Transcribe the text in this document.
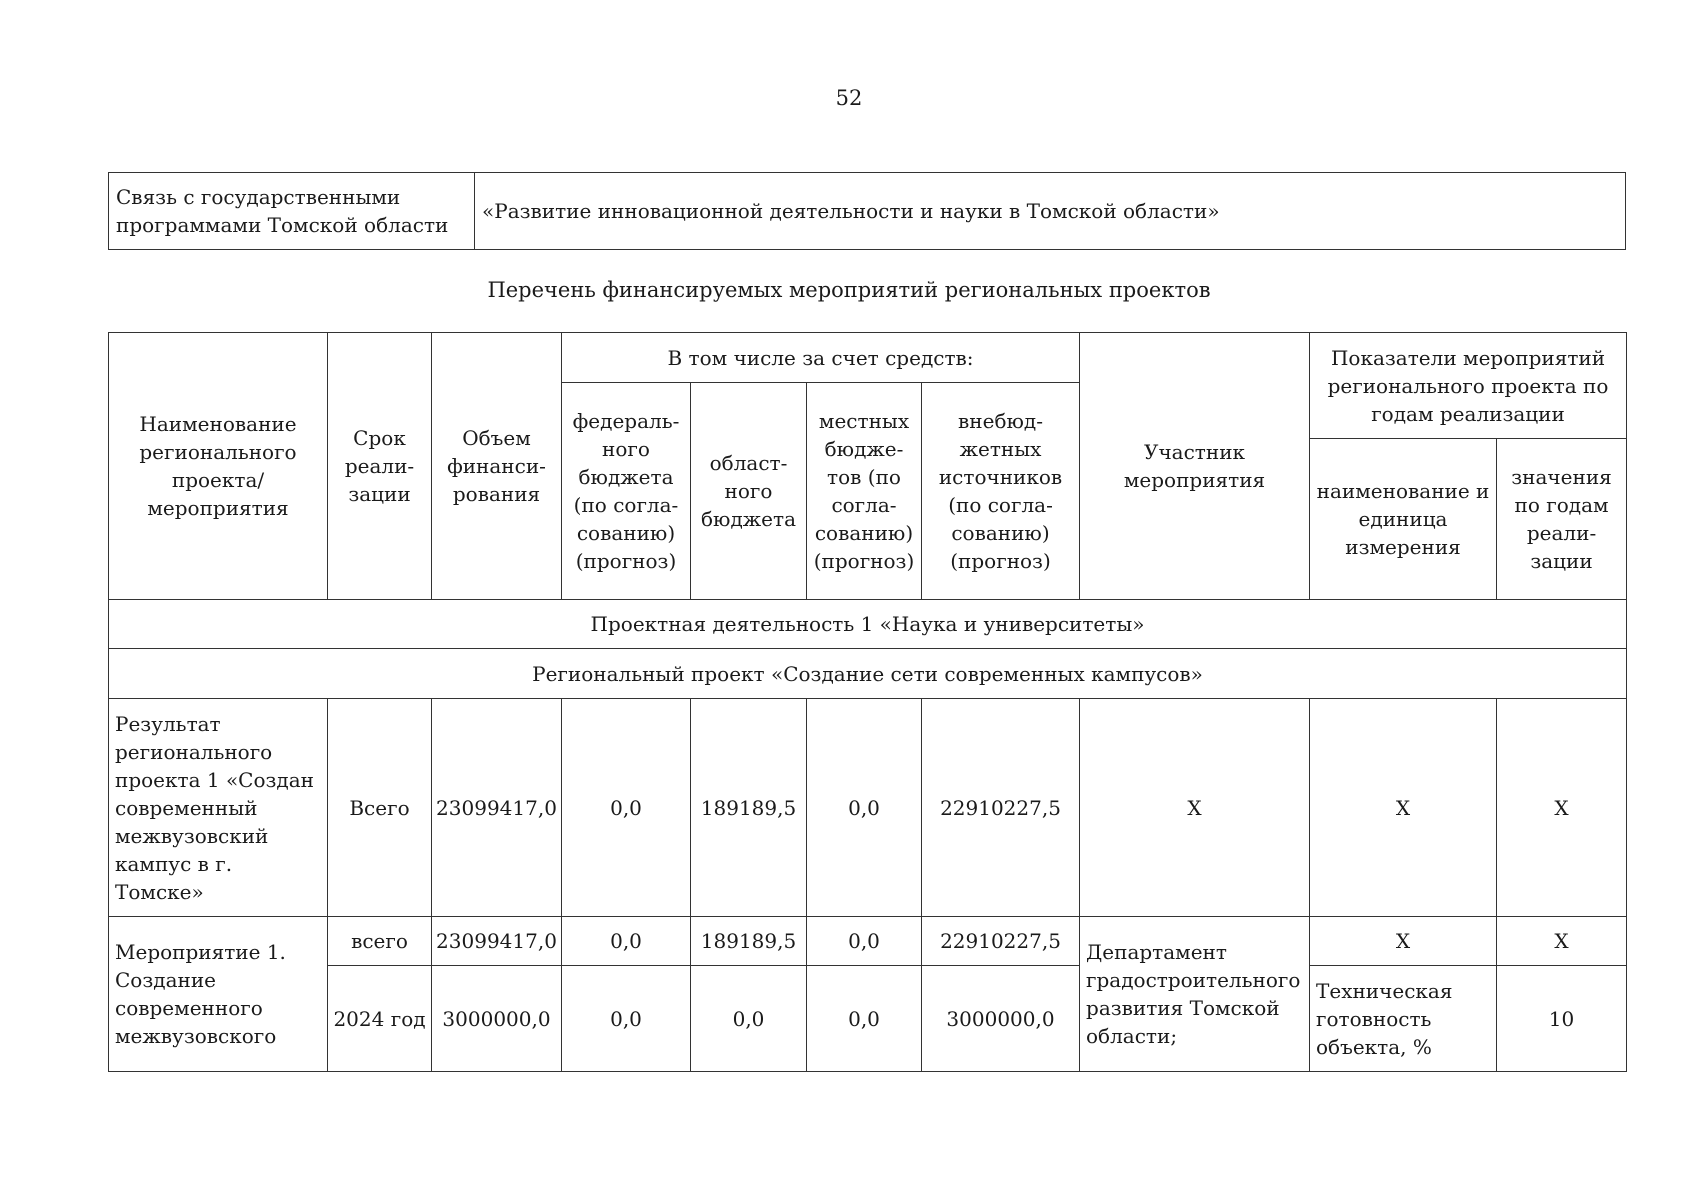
52
Связь с государственными программами Томской области	«Развитие инновационной деятельности и науки в Томской области»
Перечень финансируемых мероприятий региональных проектов
Наименование регионального проекта/ мероприятия	Срок реали-зации	Объем финанси-рования	В том числе за счет средств:				Участник мероприятия	Показатели мероприятий регионального проекта по годам реализации	
			федераль-ного бюджета (по согла-сованию) (прогноз)	област-ного бюджета	местных бюдже-тов (по согла-сованию) (прогноз)	внебюд-жетных источников (по согла-сованию) (прогноз)			
								наименование и единица измерения	значения по годам реали-зации
Проектная деятельность 1 «Наука и университеты»									
Региональный проект «Создание сети современных кампусов»									
Результат регионального проекта 1 «Создан современный межвузовский кампус в г. Томске»	Всего	23099417,0	0,0	189189,5	0,0	22910227,5	Х	Х	Х
Мероприятие 1. Создание современного межвузовского	всего	23099417,0	0,0	189189,5	0,0	22910227,5	Департамент градостроительного развития Томской области;	Х	Х
	2024 год	3000000,0	0,0	0,0	0,0	3000000,0		Техническая готовность объекта, %	10
